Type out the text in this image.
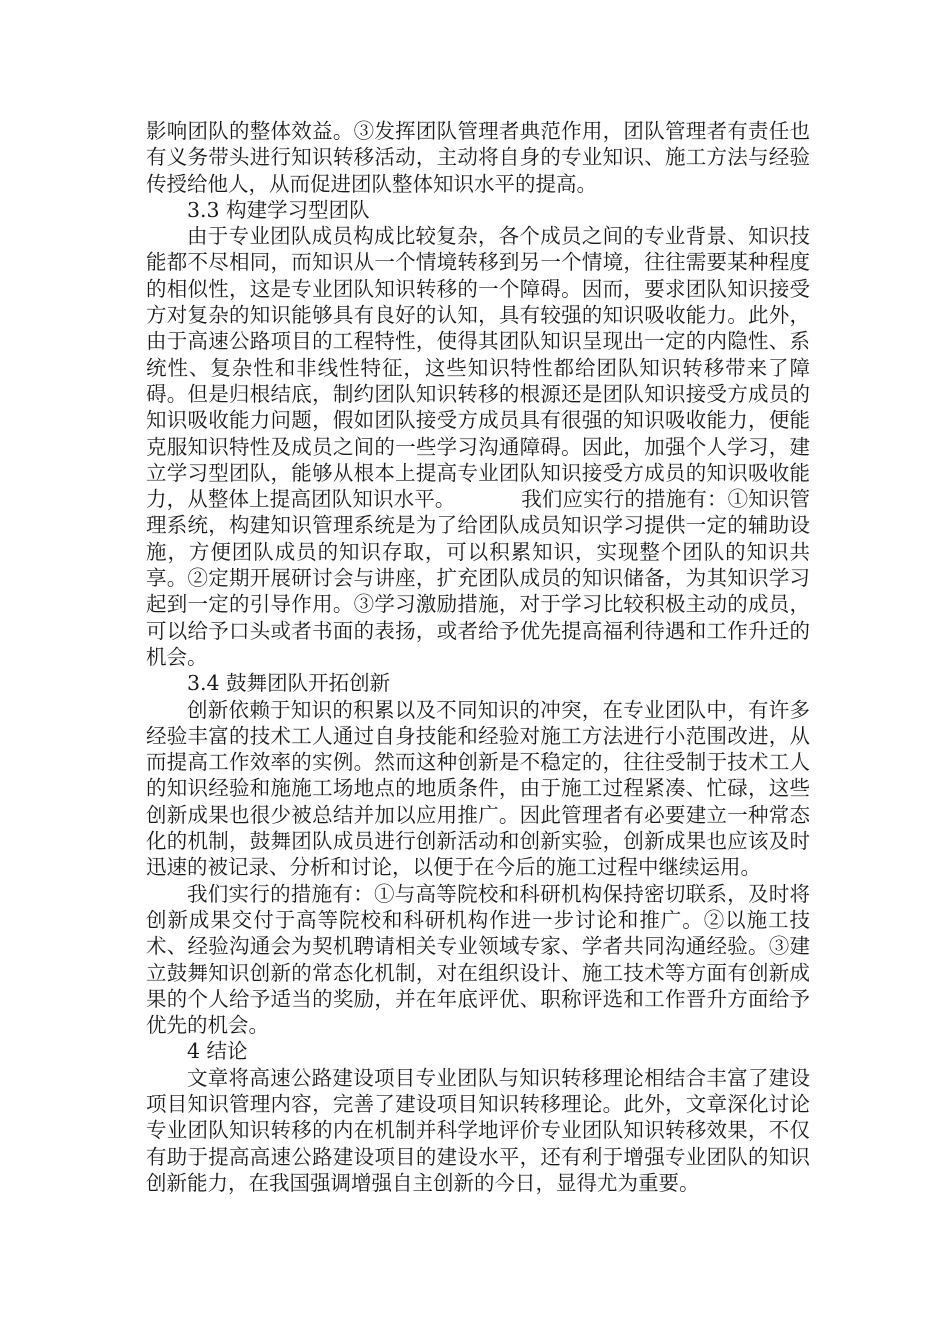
影响团队的整体效益。③发挥团队管理者典范作用，团队管理者有责任也有义务带头进行知识转移活动，主动将自身的专业知识、施工方法与经验传授给他人，从而促进团队整体知识水平的提高。

3.3 构建学习型团队

由于专业团队成员构成比较复杂，各个成员之间的专业背景、知识技能都不尽相同，而知识从一个情境转移到另一个情境，往往需要某种程度的相似性，这是专业团队知识转移的一个障碍。因而，要求团队知识接受方对复杂的知识能够具有良好的认知，具有较强的知识吸收能力。此外，由于高速公路项目的工程特性，使得其团队知识呈现出一定的内隐性、系统性、复杂性和非线性特征，这些知识特性都给团队知识转移带来了障碍。但是归根结底，制约团队知识转移的根源还是团队知识接受方成员的知识吸收能力问题，假如团队接受方成员具有很强的知识吸收能力，便能克服知识特性及成员之间的一些学习沟通障碍。因此，加强个人学习，建立学习型团队，能够从根本上提高专业团队知识接受方成员的知识吸收能力，从整体上提高团队知识水平。	我们应实行的措施有：①知识管理系统，构建知识管理系统是为了给团队成员知识学习提供一定的辅助设施，方便团队成员的知识存取，可以积累知识，实现整个团队的知识共享。②定期开展研讨会与讲座，扩充团队成员的知识储备，为其知识学习起到一定的引导作用。③学习激励措施，对于学习比较积极主动的成员，可以给予口头或者书面的表扬，或者给予优先提高福利待遇和工作升迁的机会。

3.4 鼓舞团队开拓创新

创新依赖于知识的积累以及不同知识的冲突，在专业团队中，有许多经验丰富的技术工人通过自身技能和经验对施工方法进行小范围改进，从而提高工作效率的实例。然而这种创新是不稳定的，往往受制于技术工人的知识经验和施施工场地点的地质条件，由于施工过程紧凑、忙碌，这些创新成果也很少被总结并加以应用推广。因此管理者有必要建立一种常态化的机制，鼓舞团队成员进行创新活动和创新实验，创新成果也应该及时迅速的被记录、分析和讨论，以便于在今后的施工过程中继续运用。

我们实行的措施有：①与高等院校和科研机构保持密切联系，及时将创新成果交付于高等院校和科研机构作进一步讨论和推广。②以施工技术、经验沟通会为契机聘请相关专业领域专家、学者共同沟通经验。③建立鼓舞知识创新的常态化机制，对在组织设计、施工技术等方面有创新成果的个人给予适当的奖励，并在年底评优、职称评选和工作晋升方面给予优先的机会。

4 结论

文章将高速公路建设项目专业团队与知识转移理论相结合丰富了建设项目知识管理内容，完善了建设项目知识转移理论。此外，文章深化讨论专业团队知识转移的内在机制并科学地评价专业团队知识转移效果，不仅有助于提高高速公路建设项目的建设水平，还有利于增强专业团队的知识创新能力，在我国强调增强自主创新的今日，显得尤为重要。
